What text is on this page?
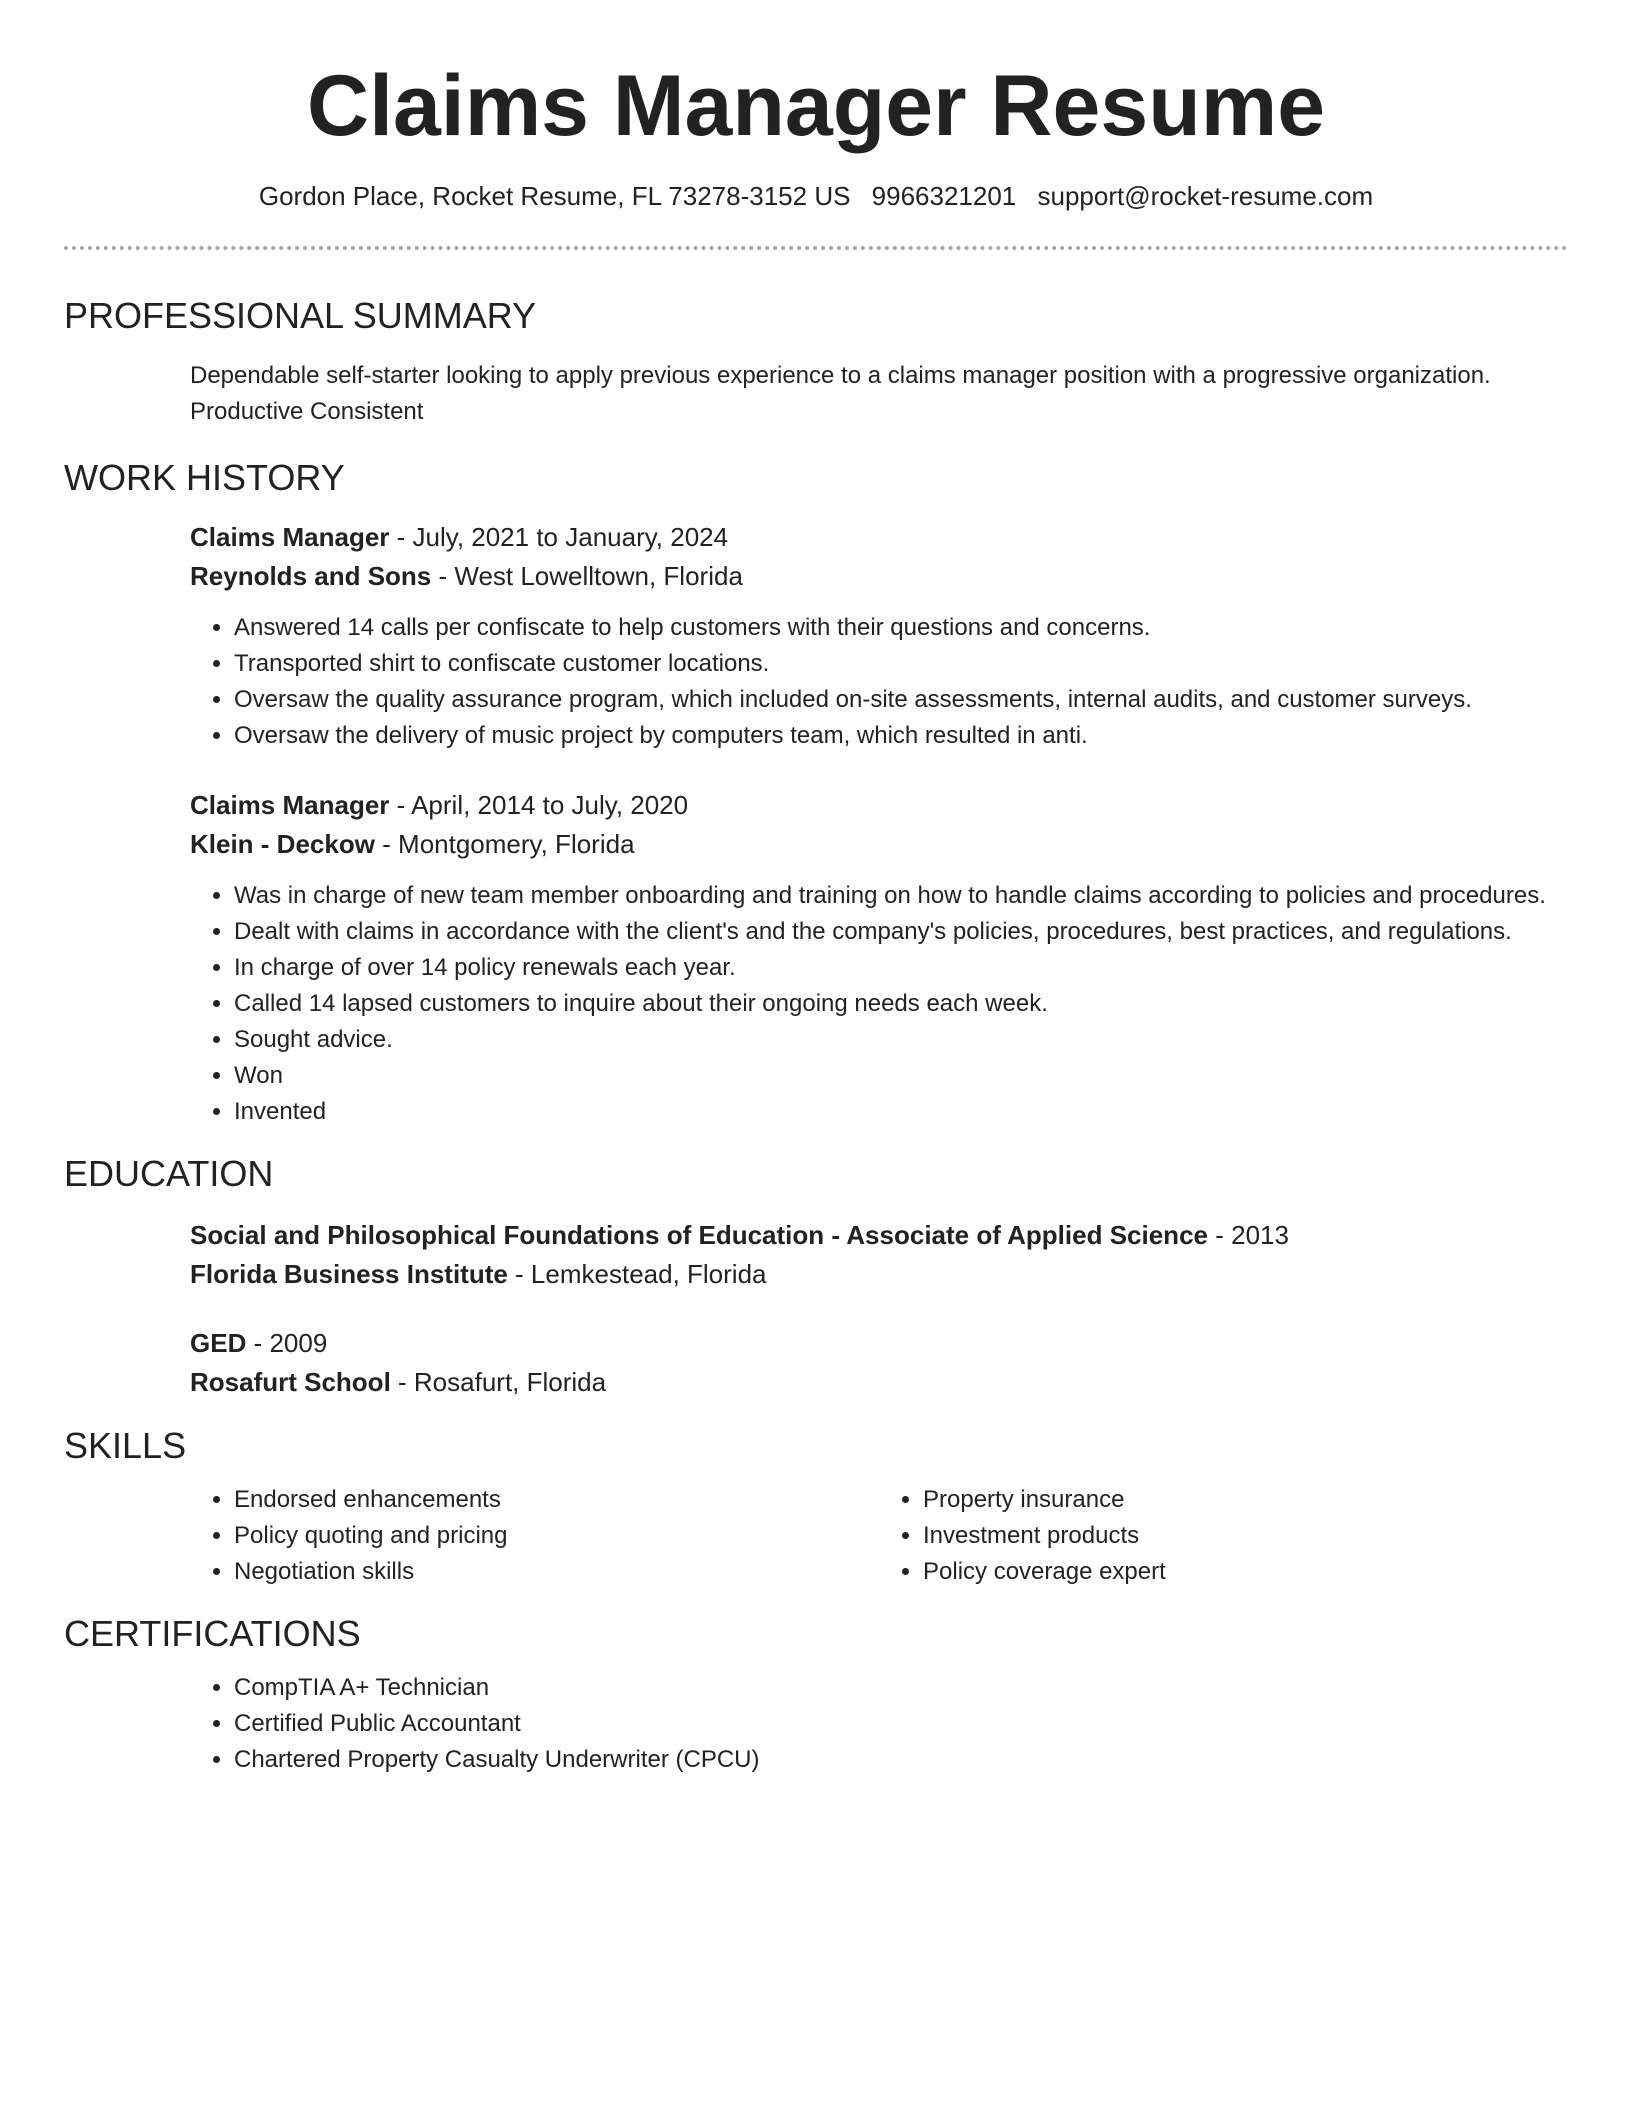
Claims Manager Resume
Gordon Place, Rocket Resume, FL 73278-3152 US 9966321201 support@rocket-resume.com
PROFESSIONAL SUMMARY
Dependable self-starter looking to apply previous experience to a claims manager position with a progressive organization. Productive Consistent
WORK HISTORY
Claims Manager - July, 2021 to January, 2024
Reynolds and Sons - West Lowelltown, Florida
• Answered 14 calls per confiscate to help customers with their questions and concerns.
• Transported shirt to confiscate customer locations.
• Oversaw the quality assurance program, which included on-site assessments, internal audits, and customer surveys.
• Oversaw the delivery of music project by computers team, which resulted in anti.
Claims Manager - April, 2014 to July, 2020
Klein - Deckow - Montgomery, Florida
• Was in charge of new team member onboarding and training on how to handle claims according to policies and procedures.
• Dealt with claims in accordance with the client's and the company's policies, procedures, best practices, and regulations.
• In charge of over 14 policy renewals each year.
• Called 14 lapsed customers to inquire about their ongoing needs each week.
• Sought advice.
• Won
• Invented
EDUCATION
Social and Philosophical Foundations of Education - Associate of Applied Science - 2013
Florida Business Institute - Lemkestead, Florida
GED - 2009
Rosafurt School - Rosafurt, Florida
SKILLS
• Endorsed enhancements
• Policy quoting and pricing
• Negotiation skills
• Property insurance
• Investment products
• Policy coverage expert
CERTIFICATIONS
• CompTIA A+ Technician
• Certified Public Accountant
• Chartered Property Casualty Underwriter (CPCU)
